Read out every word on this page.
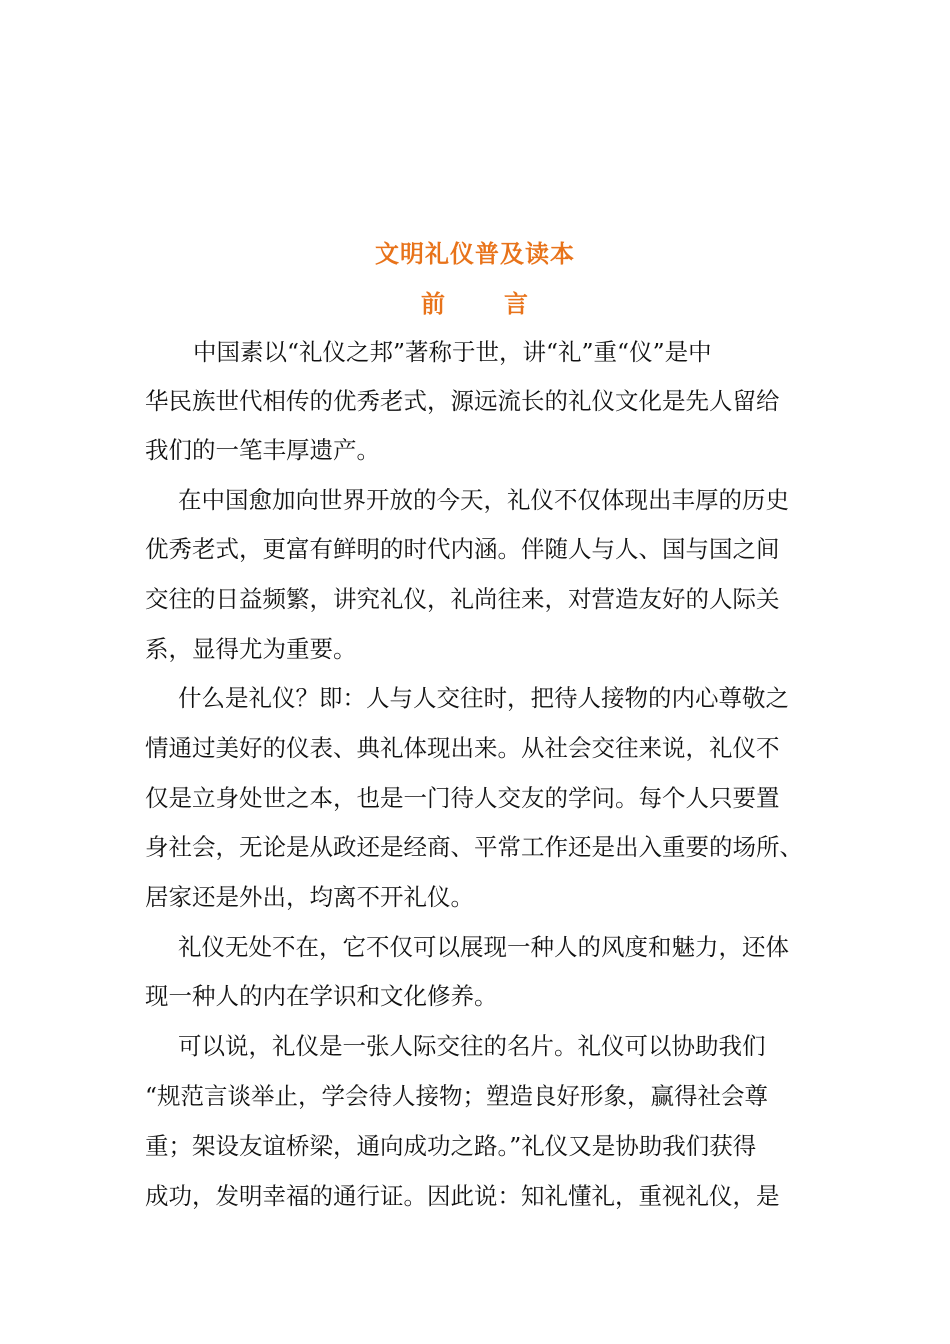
文明礼仪普及读本
前 言
中国素以“礼仪之邦”著称于世，讲“礼”重“仪”是中
华民族世代相传的优秀老式，源远流长的礼仪文化是先人留给
我们的一笔丰厚遗产。
在中国愈加向世界开放的今天，礼仪不仅体现出丰厚的历史
优秀老式，更富有鲜明的时代内涵。伴随人与人、国与国之间
交往的日益频繁，讲究礼仪，礼尚往来，对营造友好的人际关
系，显得尤为重要。
什么是礼仪？即：人与人交往时，把待人接物的内心尊敬之
情通过美好的仪表、典礼体现出来。从社会交往来说，礼仪不
仅是立身处世之本，也是一门待人交友的学问。每个人只要置
身社会，无论是从政还是经商、平常工作还是出入重要的场所、
居家还是外出，均离不开礼仪。
礼仪无处不在，它不仅可以展现一种人的风度和魅力，还体
现一种人的内在学识和文化修养。
可以说，礼仪是一张人际交往的名片。礼仪可以协助我们
“规范言谈举止，学会待人接物；塑造良好形象，赢得社会尊
重；架设友谊桥梁，通向成功之路。”礼仪又是协助我们获得
成功，发明幸福的通行证。因此说：知礼懂礼，重视礼仪，是
